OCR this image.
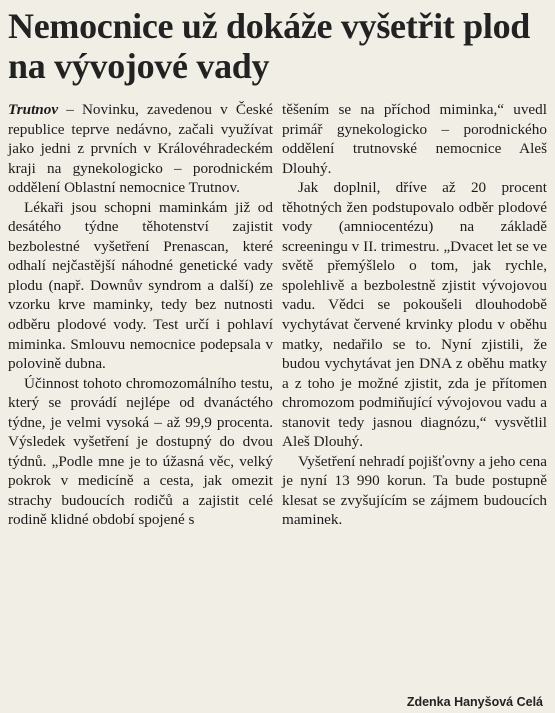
Nemocnice už dokáže vyšetřit plod na vývojové vady

Trutnov – Novinku, zavedenou v České republice teprve nedávno, začali využívat jako jedni z prvních v Královéhradeckém kraji na gynekologicko – porodnickém oddělení Oblastní nemocnice Trutnov.

Lékaři jsou schopni maminkám již od desátého týdne těhotenství zajistit bezbolestné vyšetření Prenascan, které odhalí nejčastější náhodné genetické vady plodu (např. Downův syndrom a další) ze vzorku krve maminky, tedy bez nutnosti odběru plodové vody. Test určí i pohlaví miminka. Smlouvu nemocnice podepsala v polovině dubna.

Účinnost tohoto chromozomálního testu, který se provádí nejlépe od dvanáctého týdne, je velmi vysoká – až 99,9 procenta. Výsledek vyšetření je dostupný do dvou týdnů. „Podle mne je to úžasná věc, velký pokrok v medicíně a cesta, jak omezit strachy budoucích rodičů a zajistit celé rodině klidné období spojené s

těšením se na příchod miminka,“ uvedl primář gynekologicko – porodnického oddělení trutnovské nemocnice Aleš Dlouhý.

Jak doplnil, dříve až 20 procent těhotných žen podstupovalo odběr plodové vody (amniocentézu) na základě screeningu v II. trimestru. „Dvacet let se ve světě přemýšlelo o tom, jak rychle, spolehlivě a bezbolestně zjistit vývojovou vadu. Vědci se pokoušeli dlouhodobě vychytávat červené krvinky plodu v oběhu matky, nedařilo se to. Nyní zjistili, že budou vychytávat jen DNA z oběhu matky a z toho je možné zjistit, zda je přítomen chromozom podmiňující vývojovou vadu a stanovit tedy jasnou diagnózu,“ vysvětlil Aleš Dlouhý.

Vyšetření nehradí pojišťovny a jeho cena je nyní 13 990 korun. Ta bude postupně klesat se zvyšujícím se zájmem budoucích maminek.

Zdenka Hanyšová Celá
